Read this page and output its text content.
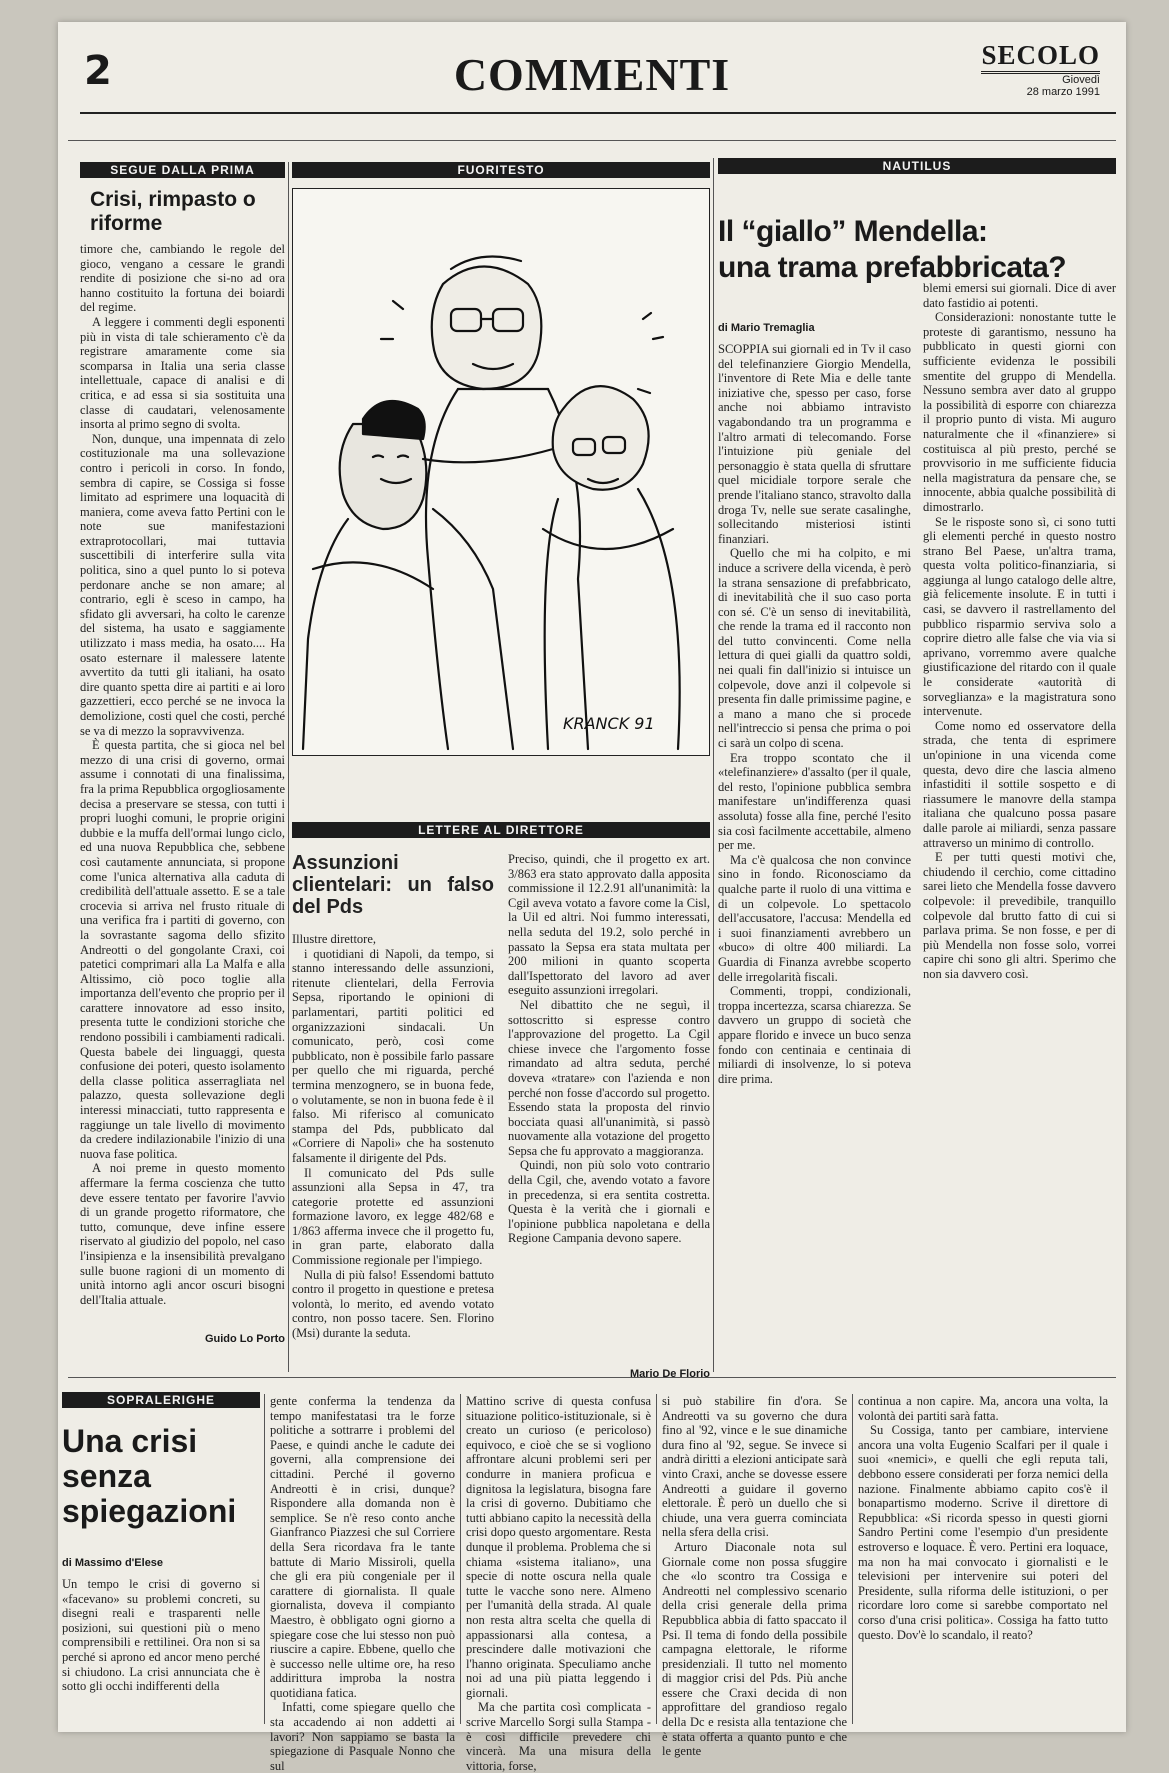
2	COMMENTI	SECOLO
Giovedì
28 marzo 1991
SEGUE DALLA PRIMA
Crisi, rimpasto o riforme

timore che, cambiando le regole del gioco, vengano a cessare le grandi rendite di posizione che si-no ad ora hanno costituito la fortuna dei boiardi del regime.

A leggere i commenti degli esponenti più in vista di tale schieramento c'è da registrare amaramente come sia scomparsa in Italia una seria classe intellettuale, capace di analisi e di critica, e ad essa si sia sostituita una classe di caudatari, velenosamente insorta al primo segno di svolta.

Non, dunque, una impennata di zelo costituzionale ma una sollevazione contro i pericoli in corso. In fondo, sembra di capire, se Cossiga si fosse limitato ad esprimere una loquacità di maniera, come aveva fatto Pertini con le note sue manifestazioni extraprotocollari, mai tuttavia suscettibili di interferire sulla vita politica, sino a quel punto lo si poteva perdonare anche se non amare; al contrario, egli è sceso in campo, ha sfidato gli avversari, ha colto le carenze del sistema, ha usato e saggiamente utilizzato i mass media, ha osato.... Ha osato esternare il malessere latente avvertito da tutti gli italiani, ha osato dire quanto spetta dire ai partiti e ai loro gazzettieri, ecco perché se ne invoca la demolizione, costi quel che costi, perché se va di mezzo la sopravvivenza.

È questa partita, che si gioca nel bel mezzo di una crisi di governo, ormai assume i connotati di una finalissima, fra la prima Repubblica orgogliosamente decisa a preservare se stessa, con tutti i propri luoghi comuni, le proprie origini dubbie e la muffa dell'ormai lungo ciclo, ed una nuova Repubblica che, sebbene così cautamente annunciata, si propone come l'unica alternativa alla caduta di credibilità dell'attuale assetto. E se a tale crocevia si arriva nel frusto rituale di una verifica fra i partiti di governo, con la sovrastante sagoma dello sfizito Andreotti o del gongolante Craxi, coi patetici comprimari alla La Malfa e alla Altissimo, ciò poco toglie alla importanza dell'evento che proprio per il carattere innovatore ad esso insito, presenta tutte le condizioni storiche che rendono possibili i cambiamenti radicali. Questa babele dei linguaggi, questa confusione dei poteri, questo isolamento della classe politica asserragliata nel palazzo, questa sollevazione degli interessi minacciati, tutto rappresenta e raggiunge un tale livello di movimento da credere indilazionabile l'inizio di una nuova fase politica.

A noi preme in questo momento affermare la ferma coscienza che tutto deve essere tentato per favorire l'avvio di un grande progetto riformatore, che tutto, comunque, deve infine essere riservato al giudizio del popolo, nel caso l'insipienza e la insensibilità prevalgano sulle buone ragioni di un momento di unità intorno agli ancor oscuri bisogni dell'Italia attuale.

Guido Lo Porto
FUORITESTO
KRANCK 91
LETTERE AL DIRETTORE
Assunzioni clientelari: un falso del Pds

Illustre direttore,

i quotidiani di Napoli, da tempo, si stanno interessando delle assunzioni, ritenute clientelari, della Ferrovia Sepsa, riportando le opinioni di parlamentari, partiti politici ed organizzazioni sindacali. Un comunicato, però, così come pubblicato, non è possibile farlo passare per quello che mi riguarda, perché termina menzognero, se in buona fede, o volutamente, se non in buona fede è il falso. Mi riferisco al comunicato stampa del Pds, pubblicato dal «Corriere di Napoli» che ha sostenuto falsamente il dirigente del Pds.

Il comunicato del Pds sulle assunzioni alla Sepsa in 47, tra categorie protette ed assunzioni formazione lavoro, ex legge 482/68 e 1/863 afferma invece che il progetto fu, in gran parte, elaborato dalla Commissione regionale per l'impiego.

Nulla di più falso! Essendomi battuto contro il progetto in questione e pretesa volontà, lo merito, ed avendo votato contro, non posso tacere. Sen. Florino (Msi) durante la seduta.

Preciso, quindi, che il progetto ex art. 3/863 era stato approvato dalla apposita commissione il 12.2.91 all'unanimità: la Cgil aveva votato a favore come la Cisl, la Uil ed altri. Noi fummo interessati, nella seduta del 19.2, solo perché in passato la Sepsa era stata multata per 200 milioni in quanto scoperta dall'Ispettorato del lavoro ad aver eseguito assunzioni irregolari.

Nel dibattito che ne seguì, il sottoscritto si espresse contro l'approvazione del progetto. La Cgil chiese invece che l'argomento fosse rimandato ad altra seduta, perché doveva «tratare» con l'azienda e non perché non fosse d'accordo sul progetto. Essendo stata la proposta del rinvio bocciata quasi all'unanimità, si passò nuovamente alla votazione del progetto Sepsa che fu approvato a maggioranza.

Quindi, non più solo voto contrario della Cgil, che, avendo votato a favore in precedenza, si era sentita costretta. Questa è la verità che i giornali e l'opinione pubblica napoletana e della Regione Campania devono sapere.

Mario De Florio
NAUTILUS
Il “giallo” Mendella:
una trama prefabbricata?
di Mario Tremaglia

SCOPPIA sui giornali ed in Tv il caso del telefinanziere Giorgio Mendella, l'inventore di Rete Mia e delle tante iniziative che, spesso per caso, forse anche noi abbiamo intravisto vagabondando tra un programma e l'altro armati di telecomando. Forse l'intuizione più geniale del personaggio è stata quella di sfruttare quel micidiale torpore serale che prende l'italiano stanco, stravolto dalla droga Tv, nelle sue serate casalinghe, sollecitando misteriosi istinti finanziari.

Quello che mi ha colpito, e mi induce a scrivere della vicenda, è però la strana sensazione di prefabbricato, di inevitabilità che il suo caso porta con sé. C'è un senso di inevitabilità, che rende la trama ed il racconto non del tutto convincenti. Come nella lettura di quei gialli da quattro soldi, nei quali fin dall'inizio si intuisce un colpevole, dove anzi il colpevole si presenta fin dalle primissime pagine, e a mano a mano che si procede nell'intreccio si pensa che prima o poi ci sarà un colpo di scena.

Era troppo scontato che il «telefinanziere» d'assalto (per il quale, del resto, l'opinione pubblica sembra manifestare un'indifferenza quasi assoluta) fosse alla fine, perché l'esito sia così facilmente accettabile, almeno per me.

Ma c'è qualcosa che non convince sino in fondo. Riconosciamo da qualche parte il ruolo di una vittima e di un colpevole. Lo spettacolo dell'accusatore, l'accusa: Mendella ed i suoi finanziamenti avrebbero un «buco» di oltre 400 miliardi. La Guardia di Finanza avrebbe scoperto delle irregolarità fiscali.

Commenti, troppi, condizionali, troppa incertezza, scarsa chiarezza. Se davvero un gruppo di società che appare florido e invece un buco senza fondo con centinaia e centinaia di miliardi di insolvenze, lo si poteva dire prima.

blemi emersi sui giornali. Dice di aver dato fastidio ai potenti.

Considerazioni: nonostante tutte le proteste di garantismo, nessuno ha pubblicato in questi giorni con sufficiente evidenza le possibili smentite del gruppo di Mendella. Nessuno sembra aver dato al gruppo la possibilità di esporre con chiarezza il proprio punto di vista. Mi auguro naturalmente che il «finanziere» si costituisca al più presto, perché se provvisorio in me sufficiente fiducia nella magistratura da pensare che, se innocente, abbia qualche possibilità di dimostrarlo.

Se le risposte sono sì, ci sono tutti gli elementi perché in questo nostro strano Bel Paese, un'altra trama, questa volta politico-finanziaria, si aggiunga al lungo catalogo delle altre, già felicemente insolute. E in tutti i casi, se davvero il rastrellamento del pubblico risparmio serviva solo a coprire dietro alle false che via via si aprivano, vorremmo avere qualche giustificazione del ritardo con il quale le considerate «autorità di sorveglianza» e la magistratura sono intervenute.

Come nomo ed osservatore della strada, che tenta di esprimere un'opinione in una vicenda come questa, devo dire che lascia almeno infastiditi il sottile sospetto e di riassumere le manovre della stampa italiana che qualcuno possa pasare dalle parole ai miliardi, senza passare attraverso un minimo di controllo.

E per tutti questi motivi che, chiudendo il cerchio, come cittadino sarei lieto che Mendella fosse davvero colpevole: il prevedibile, tranquillo colpevole dal brutto fatto di cui si parlava prima. Se non fosse, e per di più Mendella non fosse solo, vorrei capire chi sono gli altri. Sperimo che non sia davvero così.

SOPRALERIGHE
Una crisi senza spiegazioni
di Massimo d'Elese

Un tempo le crisi di governo si «facevano» su problemi concreti, su disegni reali e trasparenti nelle posizioni, sui questioni più o meno comprensibili e rettilinei. Ora non si sa perché si aprono ed ancor meno perché si chiudono. La crisi annunciata che è sotto gli occhi indifferenti della

gente conferma la tendenza da tempo manifestatasi tra le forze politiche a sottrarre i problemi del Paese, e quindi anche le cadute dei governi, alla comprensione dei cittadini. Perché il governo Andreotti è in crisi, dunque? Rispondere alla domanda non è semplice. Se n'è reso conto anche Gianfranco Piazzesi che sul Corriere della Sera ricordava fra le tante battute di Mario Missiroli, quella che gli era più congeniale per il carattere di giornalista. Il quale giornalista, doveva il compianto Maestro, è obbligato ogni giorno a spiegare cose che lui stesso non può riuscire a capire. Ebbene, quello che è successo nelle ultime ore, ha reso addirittura improba la nostra quotidiana fatica.

Infatti, come spiegare quello che sta accadendo ai non addetti ai lavori? Non sappiamo se basta la spiegazione di Pasquale Nonno che sul

Mattino scrive di questa confusa situazione politico-istituzionale, si è creato un curioso (e pericoloso) equivoco, e cioè che se si vogliono affrontare alcuni problemi seri per condurre in maniera proficua e dignitosa la legislatura, bisogna fare la crisi di governo. Dubitiamo che tutti abbiano capito la necessità della crisi dopo questo argomentare. Resta dunque il problema. Problema che si chiama «sistema italiano», una specie di notte oscura nella quale tutte le vacche sono nere. Almeno per l'umanità della strada. Al quale non resta altra scelta che quella di appassionarsi alla contesa, a prescindere dalle motivazioni che l'hanno originata. Speculiamo anche noi ad una più piatta leggendo i giornali.

Ma che partita così complicata - scrive Marcello Sorgi sulla Stampa - è così difficile prevedere chi vincerà. Ma una misura della vittoria, forse,

si può stabilire fin d'ora. Se Andreotti va su governo che dura fino al '92, vince e le sue dinamiche dura fino al '92, segue. Se invece si andrà diritti a elezioni anticipate sarà vinto Craxi, anche se dovesse essere Andreotti a guidare il governo elettorale. È però un duello che si chiude, una vera guerra cominciata nella sfera della crisi.

Arturo Diaconale nota sul Giornale come non possa sfuggire che «lo scontro tra Cossiga e Andreotti nel complessivo scenario della crisi generale della prima Repubblica abbia di fatto spaccato il Psi. Il tema di fondo della possibile campagna elettorale, le riforme presidenziali. Il tutto nel momento di maggior crisi del Pds. Più anche essere che Craxi decida di non approfittare del grandioso regalo della Dc e resista alla tentazione che è stata offerta a quanto punto e che le gente

continua a non capire. Ma, ancora una volta, la volontà dei partiti sarà fatta.

Su Cossiga, tanto per cambiare, interviene ancora una volta Eugenio Scalfari per il quale i suoi «nemici», e quelli che egli reputa tali, debbono essere considerati per forza nemici della nazione. Finalmente abbiamo capito cos'è il bonapartismo moderno. Scrive il direttore di Repubblica: «Si ricorda spesso in questi giorni Sandro Pertini come l'esempio d'un presidente estroverso e loquace. È vero. Pertini era loquace, ma non ha mai convocato i giornalisti e le televisioni per intervenire sui poteri del Presidente, sulla riforma delle istituzioni, o per ricordare loro come si sarebbe comportato nel corso d'una crisi politica». Cossiga ha fatto tutto questo. Dov'è lo scandalo, il reato?
